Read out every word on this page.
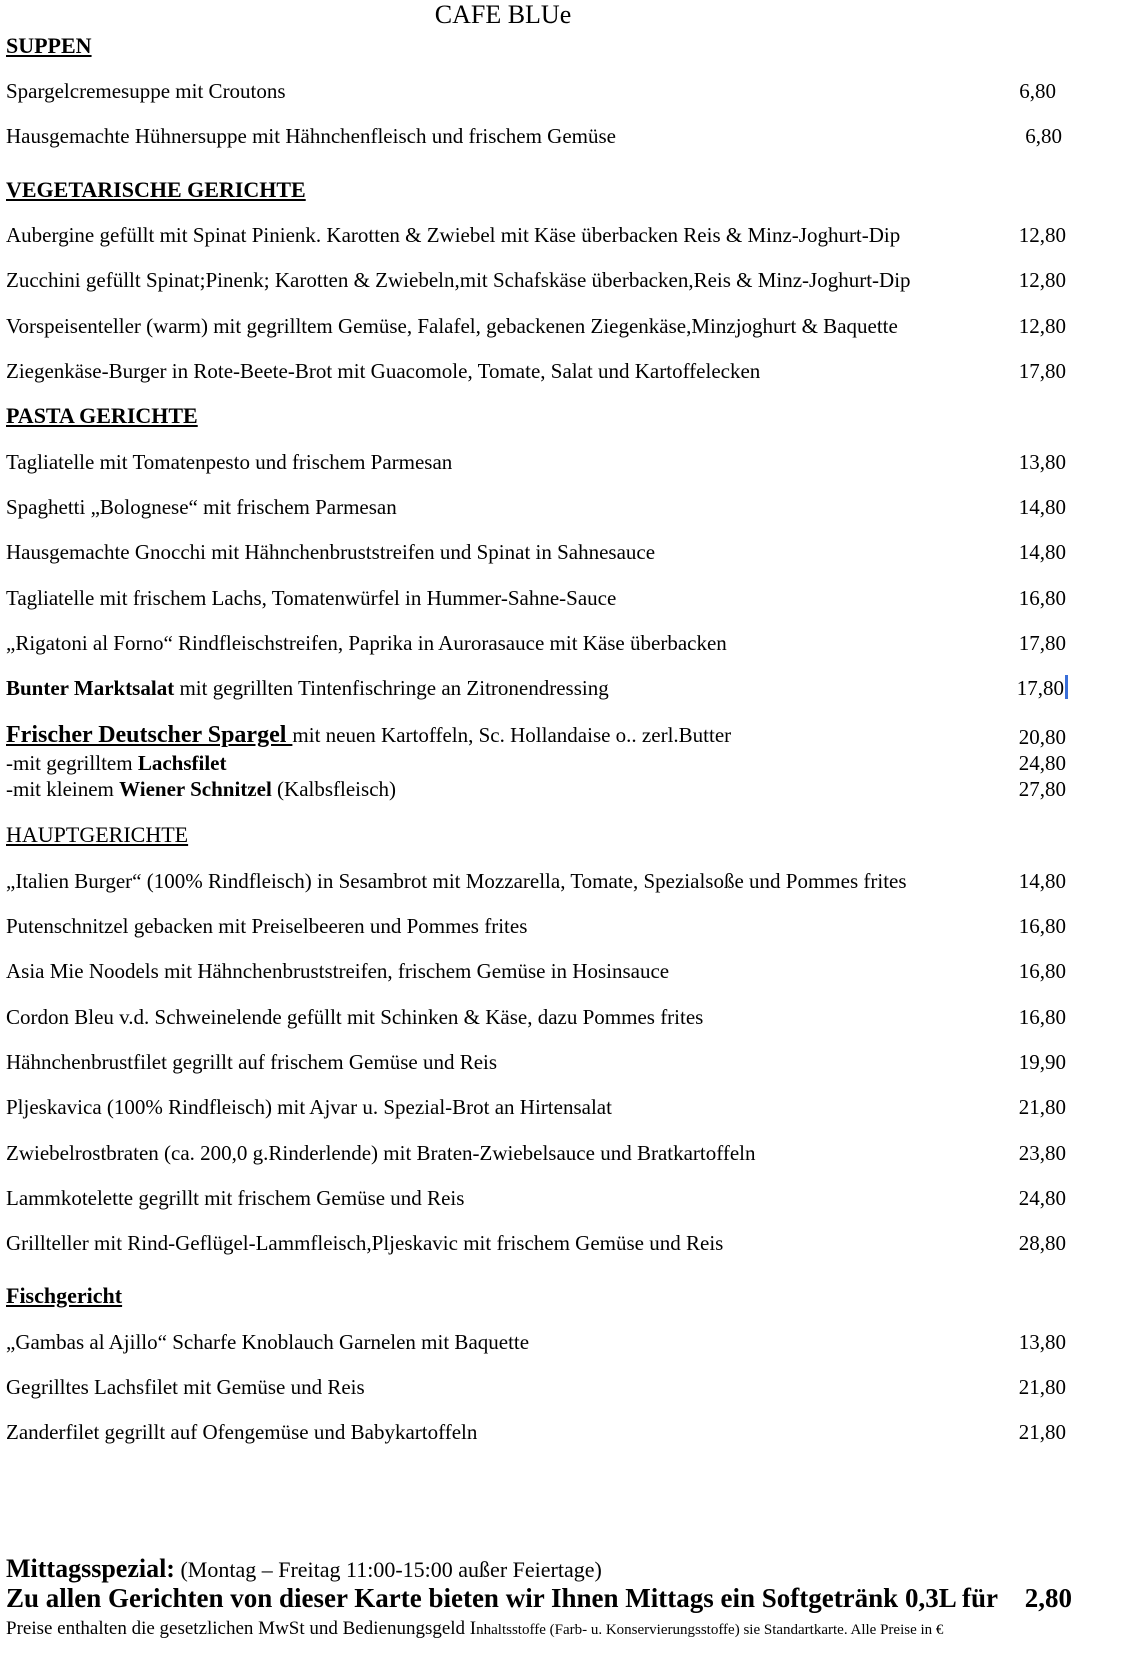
CAFE BLUe
SUPPEN
Spargelcremesuppe mit Croutons	6,80
Hausgemachte Hühnersuppe mit Hähnchenfleisch und frischem Gemüse	6,80
VEGETARISCHE GERICHTE
Aubergine gefüllt mit Spinat Pinienk. Karotten & Zwiebel mit Käse überbacken Reis & Minz-Joghurt-Dip	12,80
Zucchini gefüllt Spinat;Pinenk; Karotten & Zwiebeln,mit Schafskäse überbacken,Reis & Minz-Joghurt-Dip	12,80
Vorspeisenteller (warm) mit gegrilltem Gemüse, Falafel, gebackenen Ziegenkäse,Minzjoghurt & Baquette	12,80
Ziegenkäse-Burger in Rote-Beete-Brot mit Guacomole, Tomate, Salat und Kartoffelecken	17,80
PASTA GERICHTE
Tagliatelle mit Tomatenpesto und frischem Parmesan	13,80
Spaghetti „Bolognese“ mit frischem Parmesan	14,80
Hausgemachte Gnocchi mit Hähnchenbruststreifen und Spinat in Sahnesauce	14,80
Tagliatelle mit frischem Lachs, Tomatenwürfel in Hummer-Sahne-Sauce	16,80
„Rigatoni al Forno“ Rindfleischstreifen, Paprika in Aurorasauce mit Käse überbacken	17,80
Bunter Marktsalat mit gegrillten Tintenfischringe an Zitronendressing	17,80
Frischer Deutscher Spargel mit neuen Kartoffeln, Sc. Hollandaise o.. zerl.Butter	20,80
-mit gegrilltem Lachsfilet	24,80
-mit kleinem Wiener Schnitzel (Kalbsfleisch)	27,80
HAUPTGERICHTE
„Italien Burger“ (100% Rindfleisch) in Sesambrot mit Mozzarella, Tomate, Spezialsoße und Pommes frites	14,80
Putenschnitzel gebacken mit Preiselbeeren und Pommes frites	16,80
Asia Mie Noodels mit Hähnchenbruststreifen, frischem Gemüse in Hosinsauce	16,80
Cordon Bleu v.d. Schweinelende gefüllt mit Schinken & Käse, dazu Pommes frites	16,80
Hähnchenbrustfilet gegrillt auf frischem Gemüse und Reis	19,90
Pljeskavica (100% Rindfleisch) mit Ajvar u. Spezial-Brot an Hirtensalat	21,80
Zwiebelrostbraten (ca. 200,0 g.Rinderlende) mit Braten-Zwiebelsauce und Bratkartoffeln	23,80
Lammkotelette gegrillt mit frischem Gemüse und Reis	24,80
Grillteller mit Rind-Geflügel-Lammfleisch,Pljeskavic mit frischem Gemüse und Reis	28,80
Fischgericht
„Gambas al Ajillo“ Scharfe Knoblauch Garnelen mit Baquette	13,80
Gegrilltes Lachsfilet mit Gemüse und Reis	21,80
Zanderfilet gegrillt auf Ofengemüse und Babykartoffeln	21,80
Mittagsspezial: (Montag – Freitag 11:00-15:00 außer Feiertage)
Zu allen Gerichten von dieser Karte bieten wir Ihnen Mittags ein Softgetränk 0,3L für 2,80
Preise enthalten die gesetzlichen MwSt und Bedienungsgeld Inhaltsstoffe (Farb- u. Konservierungsstoffe) sie Standartkarte. Alle Preise in €
